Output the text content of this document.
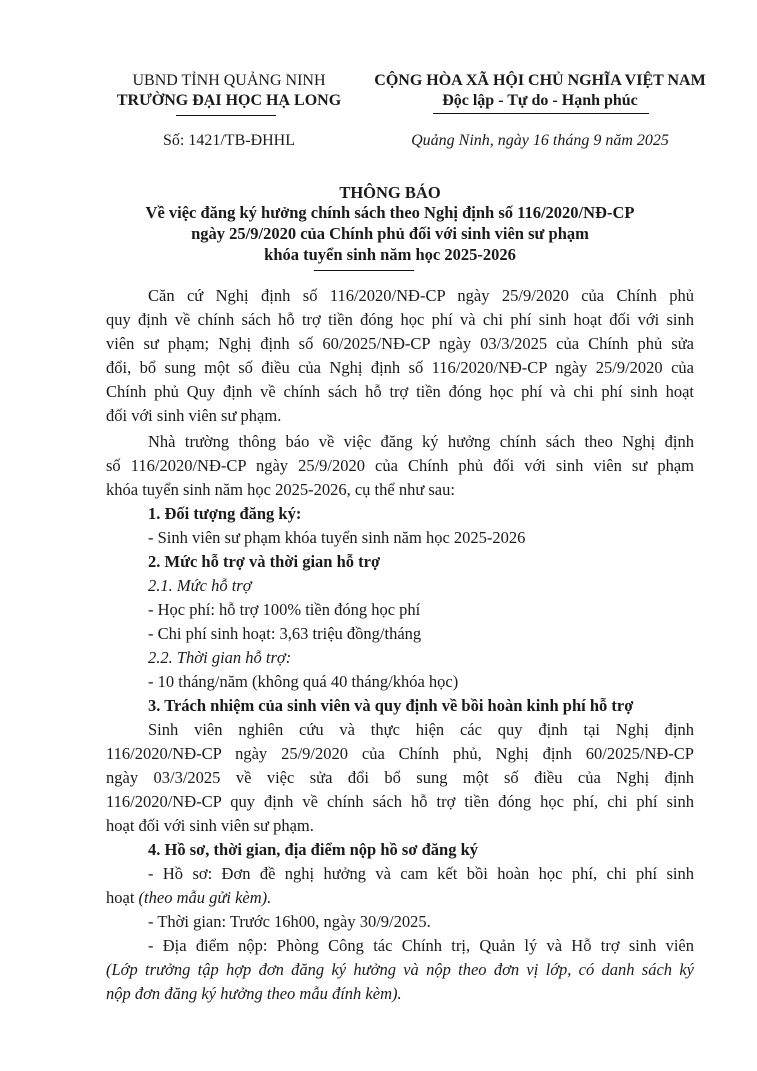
UBND TỈNH QUẢNG NINH
TRƯỜNG ĐẠI HỌC HẠ LONG
Số: 1421/TB-ĐHHL
CỘNG HÒA XÃ HỘI CHỦ NGHĨA VIỆT NAM
Độc lập - Tự do - Hạnh phúc
Quảng Ninh, ngày 16 tháng 9 năm 2025
THÔNG BÁO
Về việc đăng ký hưởng chính sách theo Nghị định số 116/2020/NĐ-CP
ngày 25/9/2020 của Chính phủ đối với sinh viên sư phạm
khóa tuyển sinh năm học 2025-2026
Căn cứ Nghị định số 116/2020/NĐ-CP ngày 25/9/2020 của Chính phủ
quy định về chính sách hỗ trợ tiền đóng học phí và chi phí sinh hoạt đối với sinh
viên sư phạm; Nghị định số 60/2025/NĐ-CP ngày 03/3/2025 của Chính phủ sửa
đổi, bổ sung một số điều của Nghị định số 116/2020/NĐ-CP ngày 25/9/2020 của
Chính phủ Quy định về chính sách hỗ trợ tiền đóng học phí và chi phí sinh hoạt
đối với sinh viên sư phạm.
Nhà trường thông báo về việc đăng ký hưởng chính sách theo Nghị định
số 116/2020/NĐ-CP ngày 25/9/2020 của Chính phủ đối với sinh viên sư phạm
khóa tuyển sinh năm học 2025-2026, cụ thể như sau:
1. Đối tượng đăng ký:
- Sinh viên sư phạm khóa tuyển sinh năm học 2025-2026
2. Mức hỗ trợ và thời gian hỗ trợ
2.1. Mức hỗ trợ
- Học phí: hỗ trợ 100% tiền đóng học phí
- Chi phí sinh hoạt: 3,63 triệu đồng/tháng
2.2. Thời gian hỗ trợ:
- 10 tháng/năm (không quá 40 tháng/khóa học)
3. Trách nhiệm của sinh viên và quy định về bồi hoàn kinh phí hỗ trợ
Sinh viên nghiên cứu và thực hiện các quy định tại Nghị định
116/2020/NĐ-CP ngày 25/9/2020 của Chính phủ, Nghị định 60/2025/NĐ-CP
ngày 03/3/2025 về việc sửa đổi bổ sung một số điều của Nghị định
116/2020/NĐ-CP quy định về chính sách hỗ trợ tiền đóng học phí, chi phí sinh
hoạt đối với sinh viên sư phạm.
4. Hồ sơ, thời gian, địa điểm nộp hồ sơ đăng ký
- Hồ sơ: Đơn đề nghị hưởng và cam kết bồi hoàn học phí, chi phí sinh
hoạt (theo mẫu gửi kèm).
- Thời gian: Trước 16h00, ngày 30/9/2025.
- Địa điểm nộp: Phòng Công tác Chính trị, Quản lý và Hỗ trợ sinh viên
(Lớp trưởng tập hợp đơn đăng ký hưởng và nộp theo đơn vị lớp, có danh sách ký
nộp đơn đăng ký hưởng theo mẫu đính kèm).
